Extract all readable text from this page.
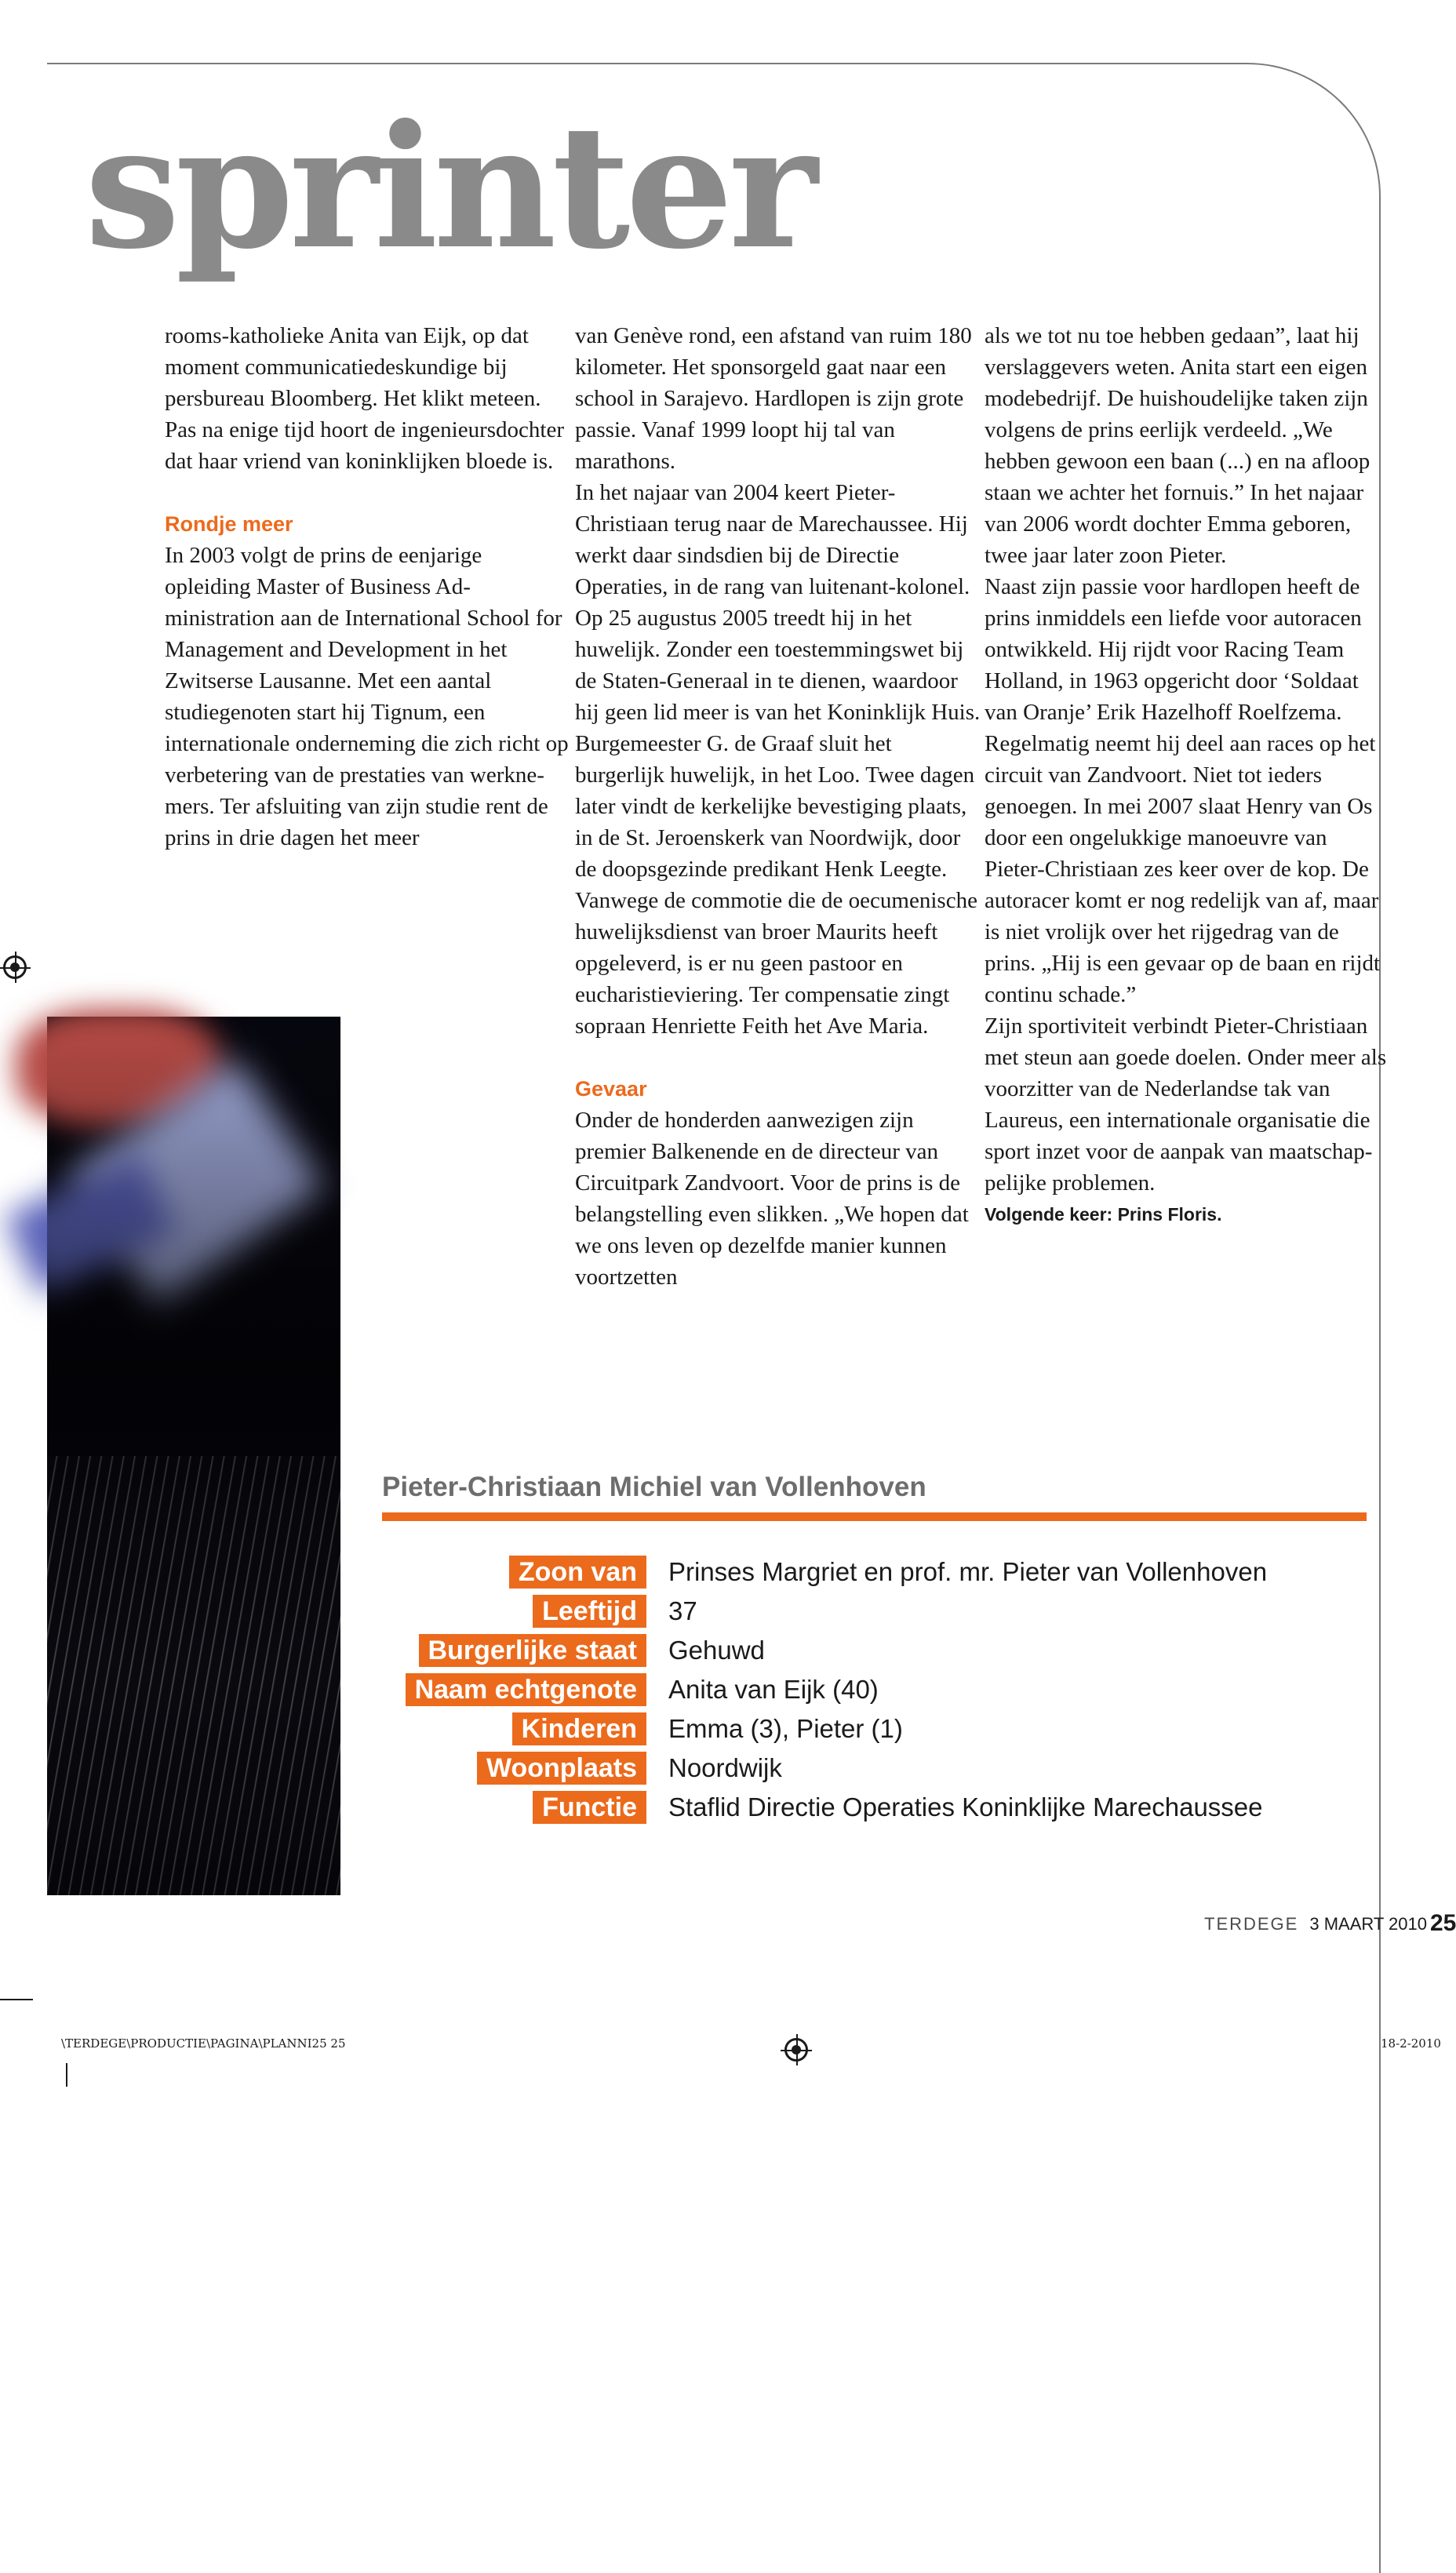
sprinter

rooms-katholieke Anita van Eijk, op dat moment communicatiedeskundige bij persbureau Bloomberg. Het klikt meteen. Pas na enige tijd hoort de ingenieursdochter dat haar vriend van koninklijken bloede is.

Rondje meer

In 2003 volgt de prins de eenjarige opleiding Master of Business Administration aan de International School for Management and Development in het Zwitserse Lausanne. Met een aantal studiegenoten start hij Tignum, een internationale onderneming die zich richt op verbetering van de prestaties van werknemers. Ter afsluiting van zijn studie rent de prins in drie dagen het meer

van Genève rond, een afstand van ruim 180 kilometer. Het sponsorgeld gaat naar een school in Sarajevo. Hardlopen is zijn grote passie. Vanaf 1999 loopt hij tal van marathons.

In het najaar van 2004 keert Pieter-Christiaan terug naar de Marechaussee. Hij werkt daar sindsdien bij de Directie Operaties, in de rang van luitenant-kolonel. Op 25 augustus 2005 treedt hij in het huwelijk. Zonder een toestemmingswet bij de Staten-Generaal in te dienen, waardoor hij geen lid meer is van het Koninklijk Huis. Burgemeester G. de Graaf sluit het burgerlijk huwelijk, in het Loo. Twee dagen later vindt de kerkelijke bevestiging plaats, in de St. Jeroenskerk van Noordwijk, door de doopsgezinde predikant Henk Leegte. Vanwege de commotie die de oecumenische huwelijksdienst van broer Maurits heeft opgeleverd, is er nu geen pastoor en eucharistieviering. Ter compensatie zingt sopraan Henriette Feith het Ave Maria.

Gevaar

Onder de honderden aanwezigen zijn premier Balkenende en de directeur van Circuitpark Zandvoort. Voor de prins is de belangstelling even slikken. „We hopen dat we ons leven op dezelfde manier kunnen voortzetten

als we tot nu toe hebben gedaan”, laat hij verslaggevers weten. Anita start een eigen modebedrijf. De huishoudelijke taken zijn volgens de prins eerlijk verdeeld. „We hebben gewoon een baan (...) en na afloop staan we achter het fornuis.” In het najaar van 2006 wordt dochter Emma geboren, twee jaar later zoon Pieter.

Naast zijn passie voor hardlopen heeft de prins inmiddels een liefde voor autoracen ontwikkeld. Hij rijdt voor Racing Team Holland, in 1963 opgericht door ‘Soldaat van Oranje’ Erik Hazelhoff Roelfzema. Regelmatig neemt hij deel aan races op het circuit van Zandvoort. Niet tot ieders genoegen. In mei 2007 slaat Henry van Os door een ongelukkige manoeuvre van Pieter-Christiaan zes keer over de kop. De autoracer komt er nog redelijk van af, maar is niet vrolijk over het rijgedrag van de prins. „Hij is een gevaar op de baan en rijdt continu schade.”

Zijn sportiviteit verbindt Pieter-Christiaan met steun aan goede doelen. Onder meer als voorzitter van de Nederlandse tak van Laureus, een internationale organisatie die sport inzet voor de aanpak van maatschappelijke problemen.

Volgende keer: Prins Floris.

Pieter-Christiaan Michiel van Vollenhoven
Zoon van	Prinses Margriet en prof. mr. Pieter van Vollenhoven
Leeftijd	37
Burgerlijke staat	Gehuwd
Naam echtgenote	Anita van Eijk (40)
Kinderen	Emma (3), Pieter (1)
Woonplaats	Noordwijk
Functie	Staflid Directie Operaties Koninklijke Marechaussee
TERDEGE 3 MAART 2010 25
\TERDEGE\PRODUCTIE\PAGINA\PLANNI25 25	18-2-2010
